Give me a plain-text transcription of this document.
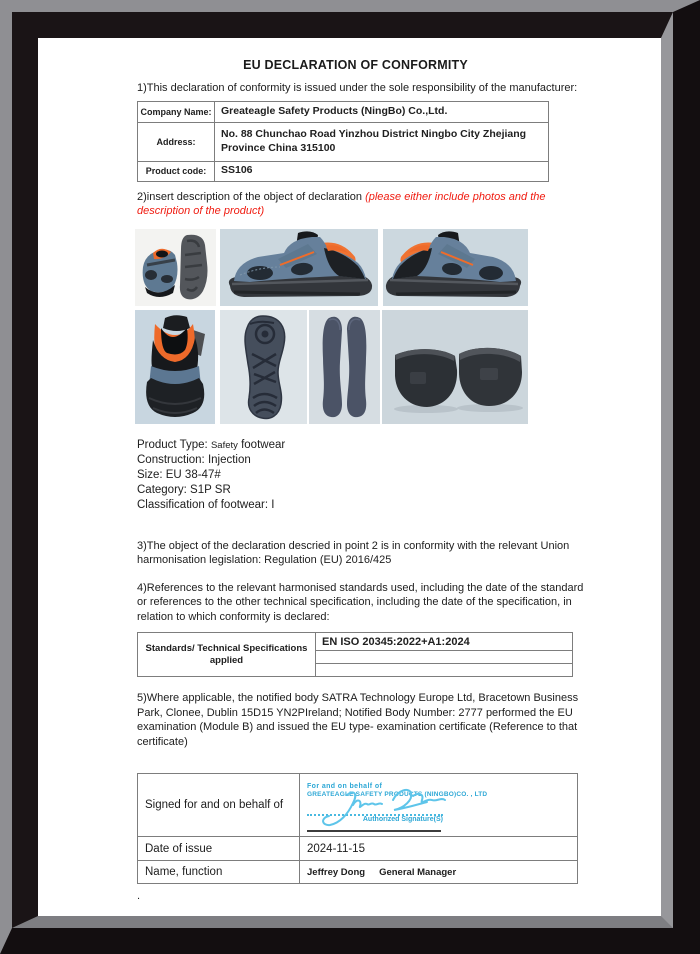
EU DECLARATION OF CONFORMITY

1)This declaration of conformity is issued under the sole responsibility of the manufacturer:

Company Name:	Greateagle Safety Products (NingBo) Co.,Ltd.
Address:	No. 88 Chunchao Road Yinzhou District Ningbo City Zhejiang Province China 315100
Product code:	SS106

2)insert description of the object of declaration (please either include photos and the description of the product)

Product Type: Safety footwear
Construction: Injection
Size: EU 38-47#
Category: S1P SR
Classification of footwear: I

3)The object of the declaration descried in point 2 is in conformity with the relevant Union harmonisation legislation: Regulation (EU) 2016/425

4)References to the relevant harmonised standards used, including the date of the standard or references to the other technical specification, including the date of the specification, in relation to which conformity is declared:

Standards/ Technical Specifications applied	EN ISO 20345:2022+A1:2024

5)Where applicable, the notified body SATRA Technology Europe Ltd, Bracetown Business Park, Clonee, Dublin 15D15 YN2PIreland; Notified Body Number: 2777 performed the EU examination (Module B) and issued the EU type- examination certificate (Reference to that certificate)

Signed for and on behalf of	For and on behalf of

GREATEAGLE SAFETY PRODUCTS (NINGBO)CO. , LTD

Authorized Signature(S)

Date of issue	2024-11-15
Name, function	Jeffrey Dong General Manager

.
